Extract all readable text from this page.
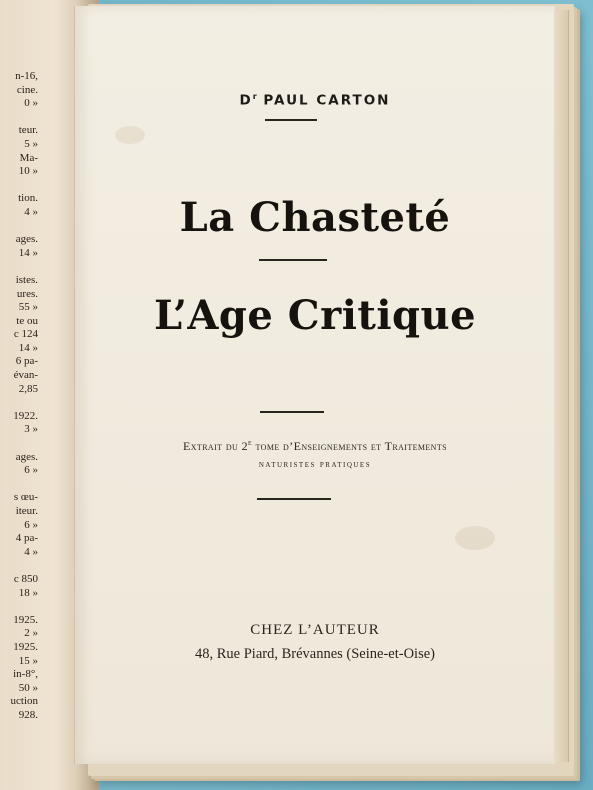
n-16,
cine.
0 »
teur.
5 »
Ma-
10 »
tion.
4 »
ages.
14 »
istes.
ures.
55 »
te ou
c 124
14 »
6 pa-
évan-
2,85
1922.
3 »
ages.
6 »
s œu-
iteur.
6 »
4 pa-
4 »
c 850
18 »
1925.
2 »
1925.
15 »
in-8°,
50 »
uction
928.
$D^r$ PAUL CARTON
La Chasteté
L’Age Critique
Extrait du 2e tome d’Enseignements et Traitements
naturistes pratiques
CHEZ L’AUTEUR
48, Rue Piard, Brévannes (Seine-et-Oise)
